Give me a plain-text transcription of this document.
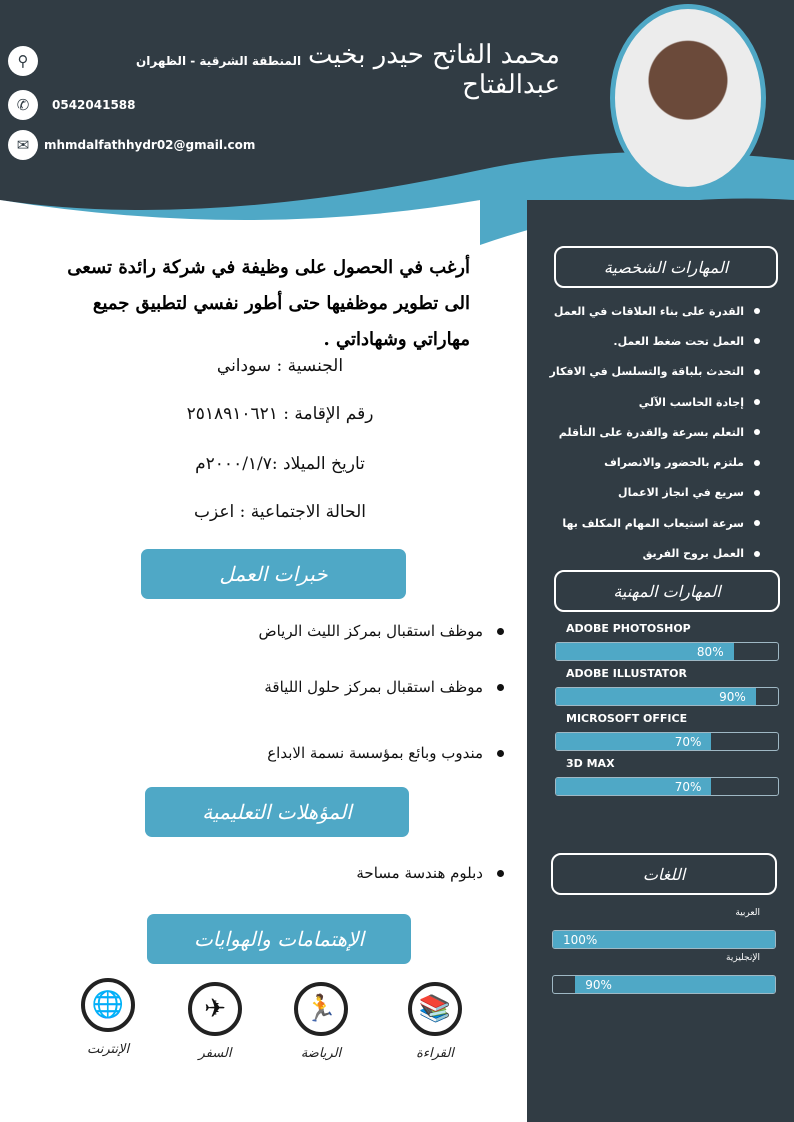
محمد الفاتح حيدر بخيت عبدالفتاح
⚲	المنطقة الشرقية - الظهران
✆	0542041588
✉	mhmdalfathhydr02@gmail.com
أرغب في الحصول على وظيفة في شركة رائدة تسعى الى تطوير موظفيها حتى أطور نفسي لتطبيق جميع مهاراتي وشهاداتي .
الجنسية : سوداني
رقم الإقامة : ٢٥١٨٩١٠٦٢١
تاريخ الميلاد :٢٠٠٠/١/٧م
الحالة الاجتماعية : اعزب
خبرات العمل
موظف استقبال بمركز الليث الرياض
موظف استقبال بمركز حلول اللياقة
مندوب وبائع بمؤسسة نسمة الابداع
المؤهلات التعليمية
دبلوم هندسة مساحة
الإهتمامات والهوايات
📚
القراءة
🏃
الرياضة
✈
السفر
🌐
الإنترنت
المهارات الشخصية
القدرة على بناء العلاقات في العمل
العمل تحت ضغط العمل.
التحدث بلباقة والتسلسل في الافكار
إجادة الحاسب الآلي
التعلم بسرعة والقدرة على التأقلم
ملتزم بالحضور والانصراف
سريع في انجاز الاعمال
سرعة استيعاب المهام المكلف بها
العمل بروح الفريق
المهارات المهنية
ADOBE PHOTOSHOP
80%
ADOBE ILLUSTATOR
90%
MICROSOFT OFFICE
70%
3D MAX
70%
اللغات
العربية
100%
الإنجليزية
90%
